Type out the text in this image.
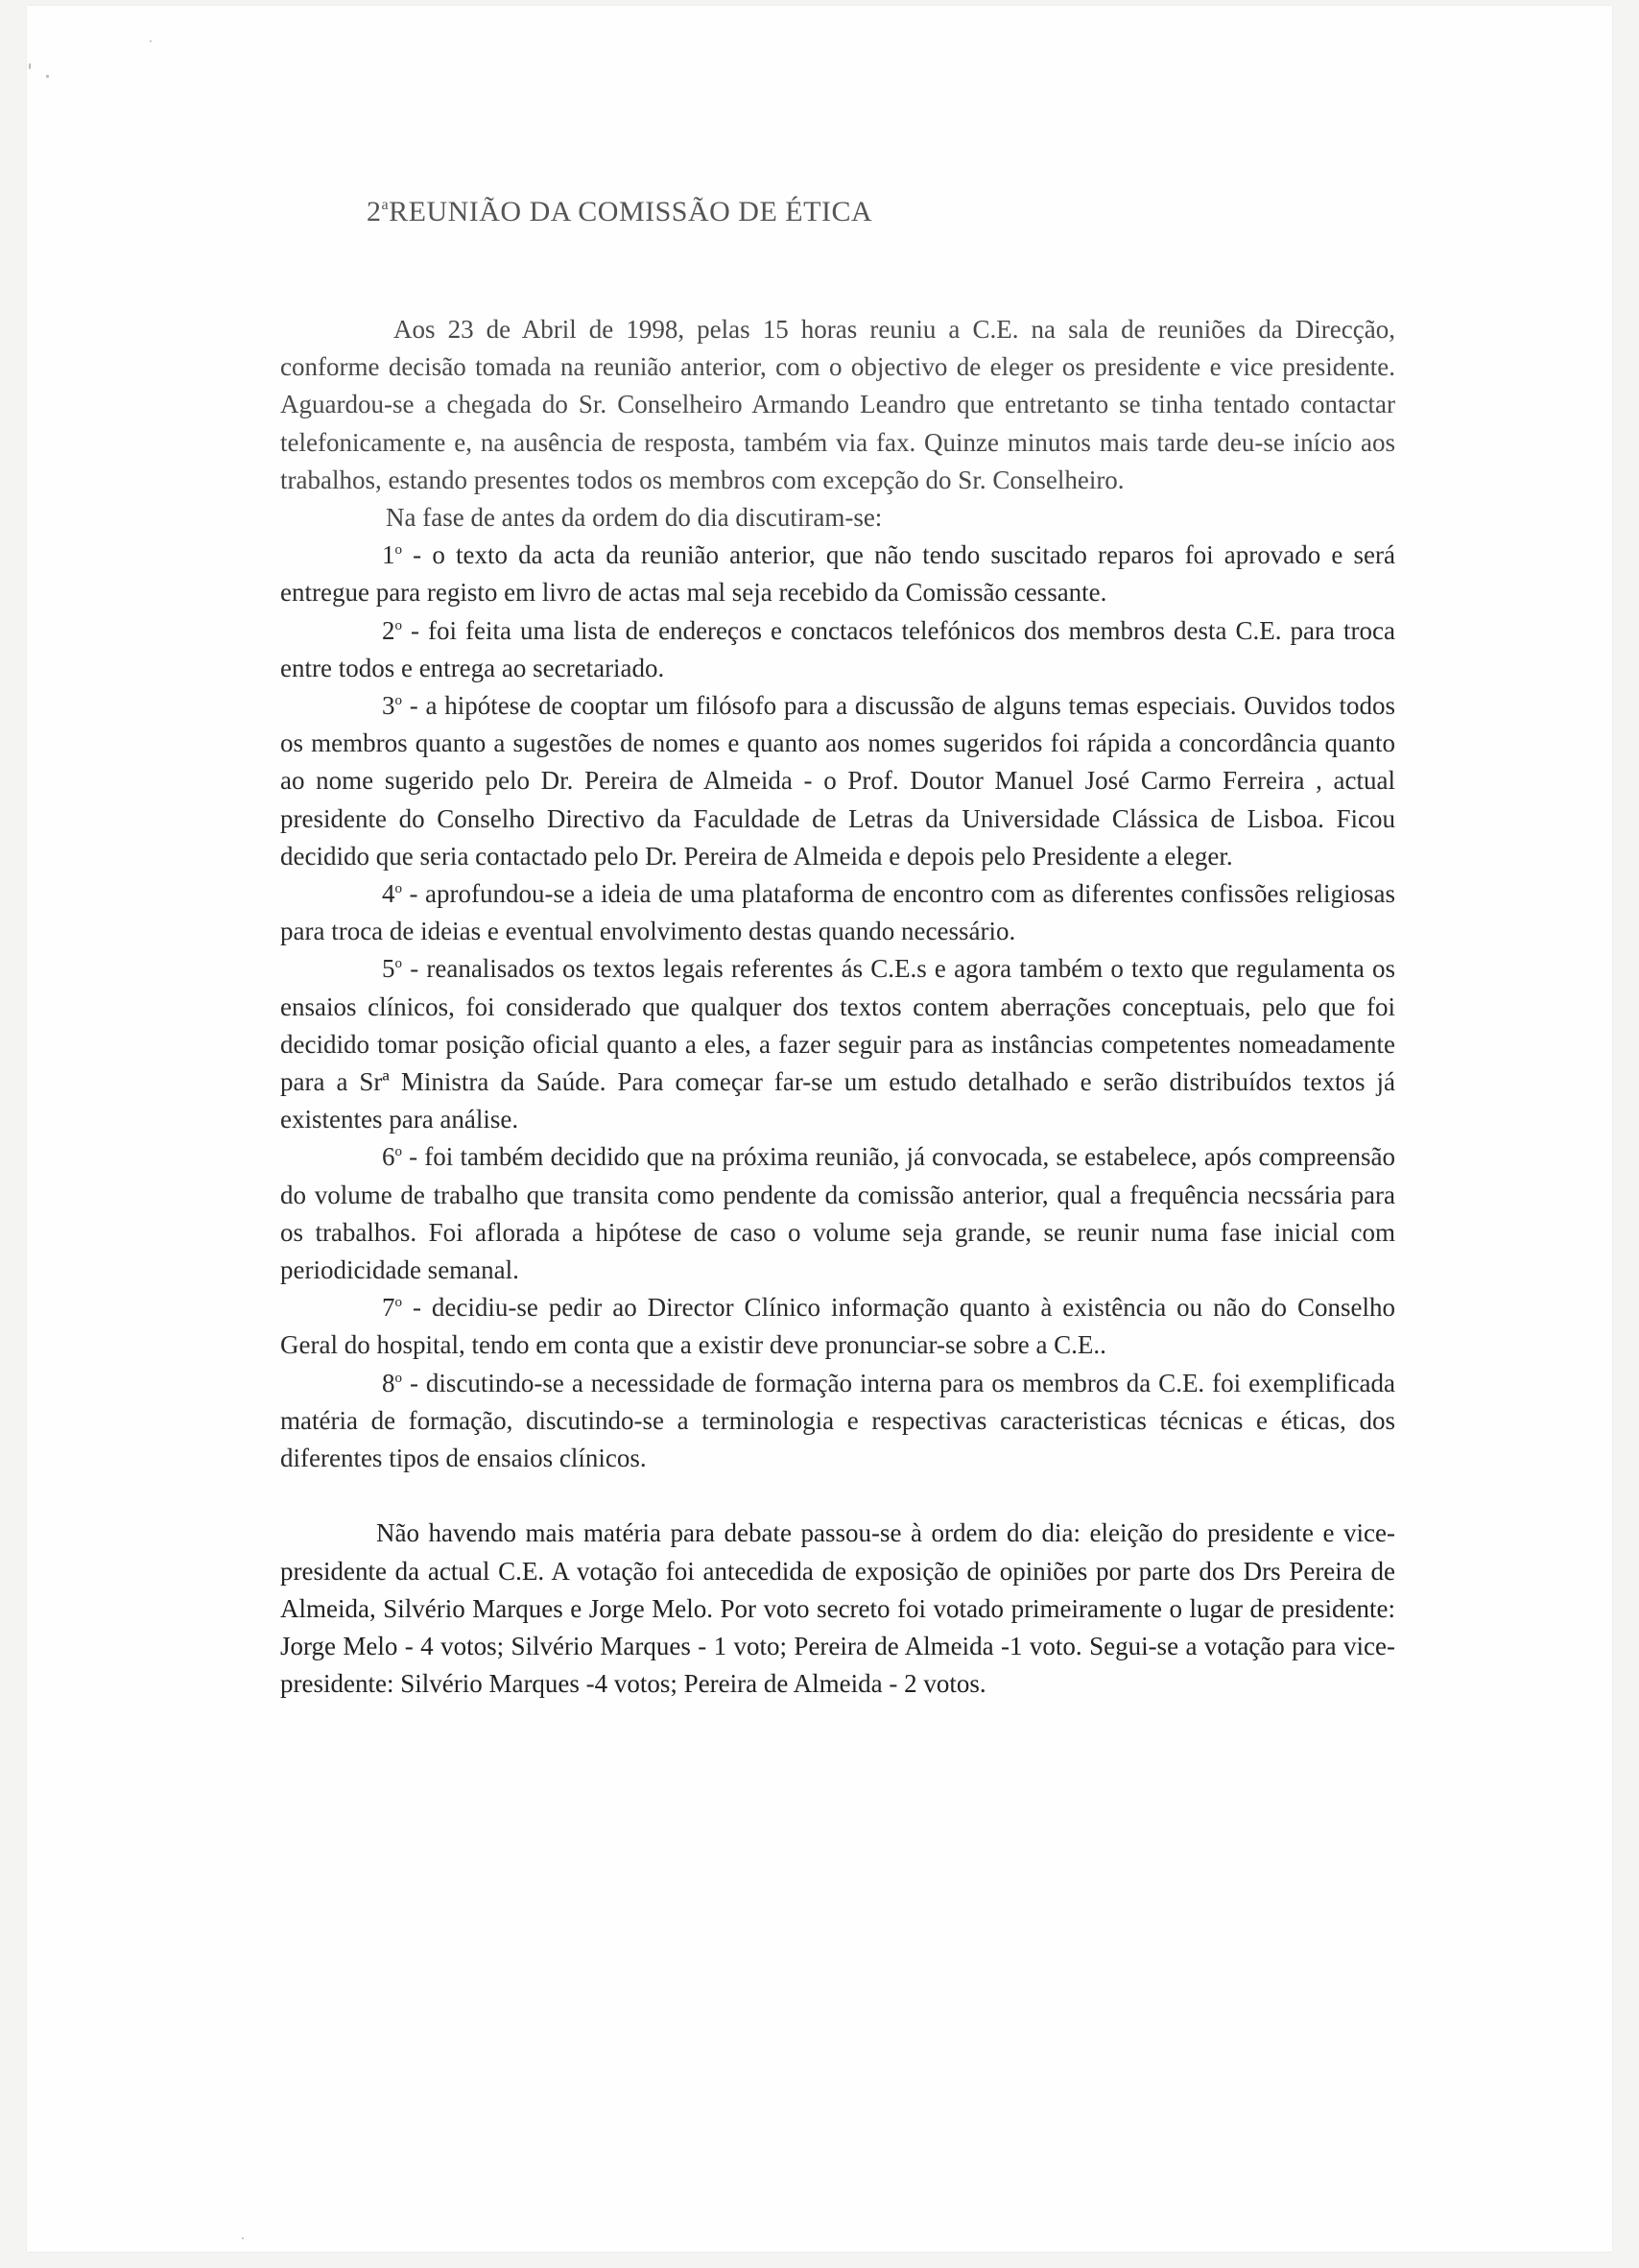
2$^a$REUNIÃO DA COMISSÃO DE ÉTICA

Aos 23 de Abril de 1998, pelas 15 horas reuniu a C.E. na sala de reuniões da Direcção, conforme decisão tomada na reunião anterior, com o objectivo de eleger os presidente e vice presidente. Aguardou-se a chegada do Sr. Conselheiro Armando Leandro que entretanto se tinha tentado contactar telefonicamente e, na ausência de resposta, também via fax. Quinze minutos mais tarde deu-se início aos trabalhos, estando presentes todos os membros com excepção do Sr. Conselheiro.

Na fase de antes da ordem do dia discutiram-se:

1$^o$ - o texto da acta da reunião anterior, que não tendo suscitado reparos foi aprovado e será entregue para registo em livro de actas mal seja recebido da Comissão cessante.

2$^o$ - foi feita uma lista de endereços e conctacos telefónicos dos membros desta C.E. para troca entre todos e entrega ao secretariado.

3$^o$ - a hipótese de cooptar um filósofo para a discussão de alguns temas especiais. Ouvidos todos os membros quanto a sugestões de nomes e quanto aos nomes sugeridos foi rápida a concordância quanto ao nome sugerido pelo Dr. Pereira de Almeida - o Prof. Doutor Manuel José Carmo Ferreira , actual presidente do Conselho Directivo da Faculdade de Letras da Universidade Clássica de Lisboa. Ficou decidido que seria contactado pelo Dr. Pereira de Almeida e depois pelo Presidente a eleger.

4$^o$ - aprofundou-se a ideia de uma plataforma de encontro com as diferentes confissões religiosas para troca de ideias e eventual envolvimento destas quando necessário.

5$^o$ - reanalisados os textos legais referentes ás C.E.s e agora também o texto que regulamenta os ensaios clínicos, foi considerado que qualquer dos textos contem aberrações conceptuais, pelo que foi decidido tomar posição oficial quanto a eles, a fazer seguir para as instâncias competentes nomeadamente para a Srª Ministra da Saúde. Para começar far-se um estudo detalhado e serão distribuídos textos já existentes para análise.

6$^o$ - foi também decidido que na próxima reunião, já convocada, se estabelece, após compreensão do volume de trabalho que transita como pendente da comissão anterior, qual a frequência necssária para os trabalhos. Foi aflorada a hipótese de caso o volume seja grande, se reunir numa fase inicial com periodicidade semanal.

7$^o$ - decidiu-se pedir ao Director Clínico informação quanto à existência ou não do Conselho Geral do hospital, tendo em conta que a existir deve pronunciar-se sobre a C.E..

8$^o$ - discutindo-se a necessidade de formação interna para os membros da C.E. foi exemplificada matéria de formação, discutindo-se a terminologia e respectivas caracteristicas técnicas e éticas, dos diferentes tipos de ensaios clínicos.

Não havendo mais matéria para debate passou-se à ordem do dia: eleição do presidente e vice-presidente da actual C.E. A votação foi antecedida de exposição de opiniões por parte dos Drs Pereira de Almeida, Silvério Marques e Jorge Melo. Por voto secreto foi votado primeiramente o lugar de presidente: Jorge Melo - 4 votos; Silvério Marques - 1 voto; Pereira de Almeida -1 voto. Segui-se a votação para vice-presidente: Silvério Marques -4 votos; Pereira de Almeida - 2 votos.
